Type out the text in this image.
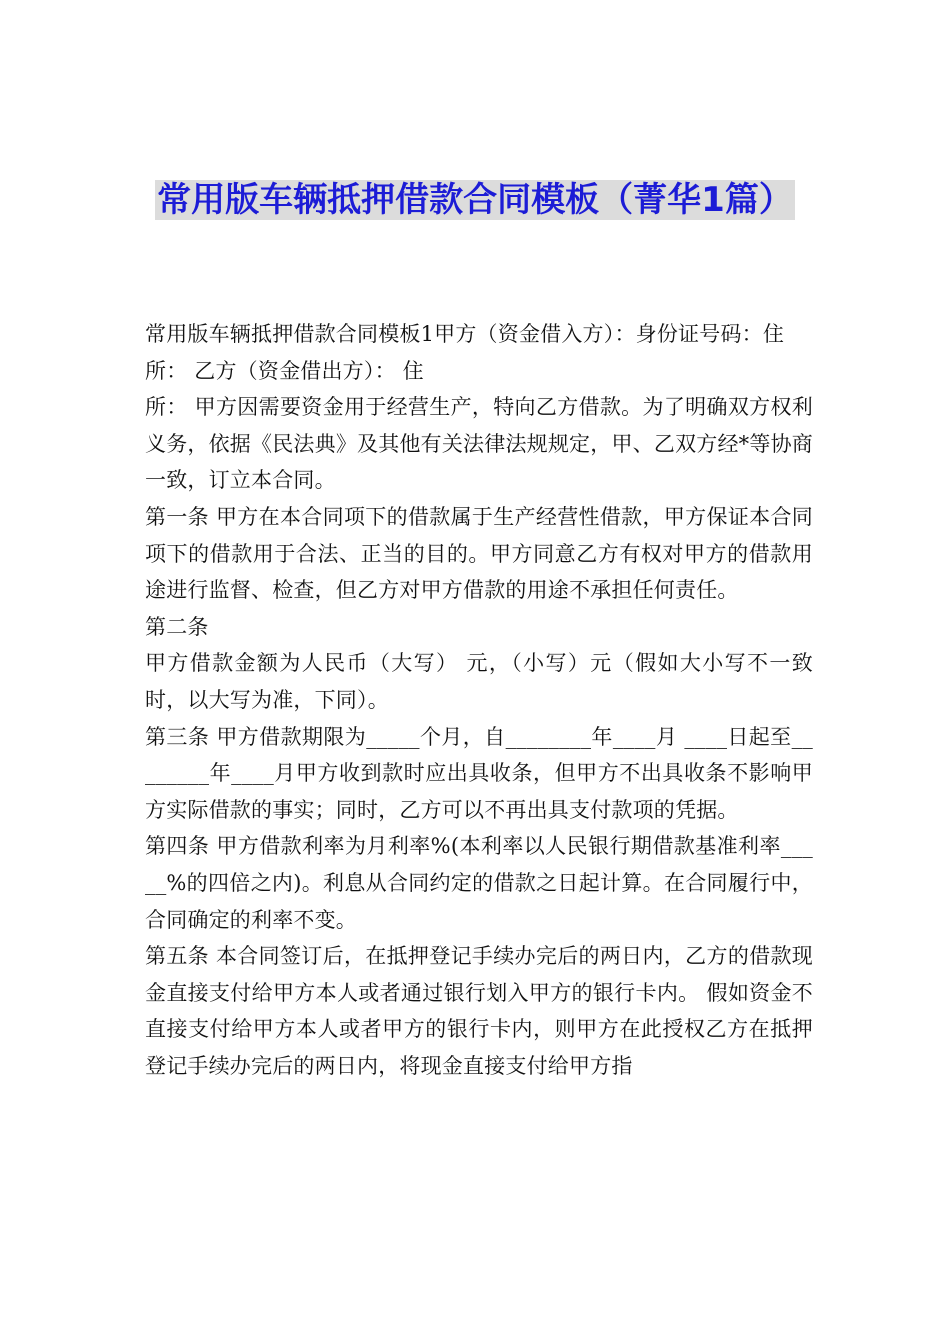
常用版车辆抵押借款合同模板（菁华1篇）

常用版车辆抵押借款合同模板1甲方（资金借入方）：身份证号码：住

所： 乙方（资金借出方）： 住

所： 甲方因需要资金用于经营生产，特向乙方借款。为了明确双方权利义务，依据《民法典》及其他有关法律法规规定，甲、乙双方经*等协商一致，订立本合同。

第一条 甲方在本合同项下的借款属于生产经营性借款，甲方保证本合同项下的借款用于合法、正当的目的。甲方同意乙方有权对甲方的借款用途进行监督、检查，但乙方对甲方借款的用途不承担任何责任。

第二条

甲方借款金额为人民币（大写） 元，（小写）元（假如大小写不一致时，以大写为准，下同）。

第三条 甲方借款期限为_____个月，自________年____月 ____日起至________年____月甲方收到款时应出具收条，但甲方不出具收条不影响甲方实际借款的事实；同时，乙方可以不再出具支付款项的凭据。

第四条 甲方借款利率为月利率%(本利率以人民银行期借款基准利率_____%的四倍之内)。利息从合同约定的借款之日起计算。在合同履行中，合同确定的利率不变。

第五条 本合同签订后，在抵押登记手续办完后的两日内，乙方的借款现金直接支付给甲方本人或者通过银行划入甲方的银行卡内。 假如资金不直接支付给甲方本人或者甲方的银行卡内，则甲方在此授权乙方在抵押登记手续办完后的两日内，将现金直接支付给甲方指
